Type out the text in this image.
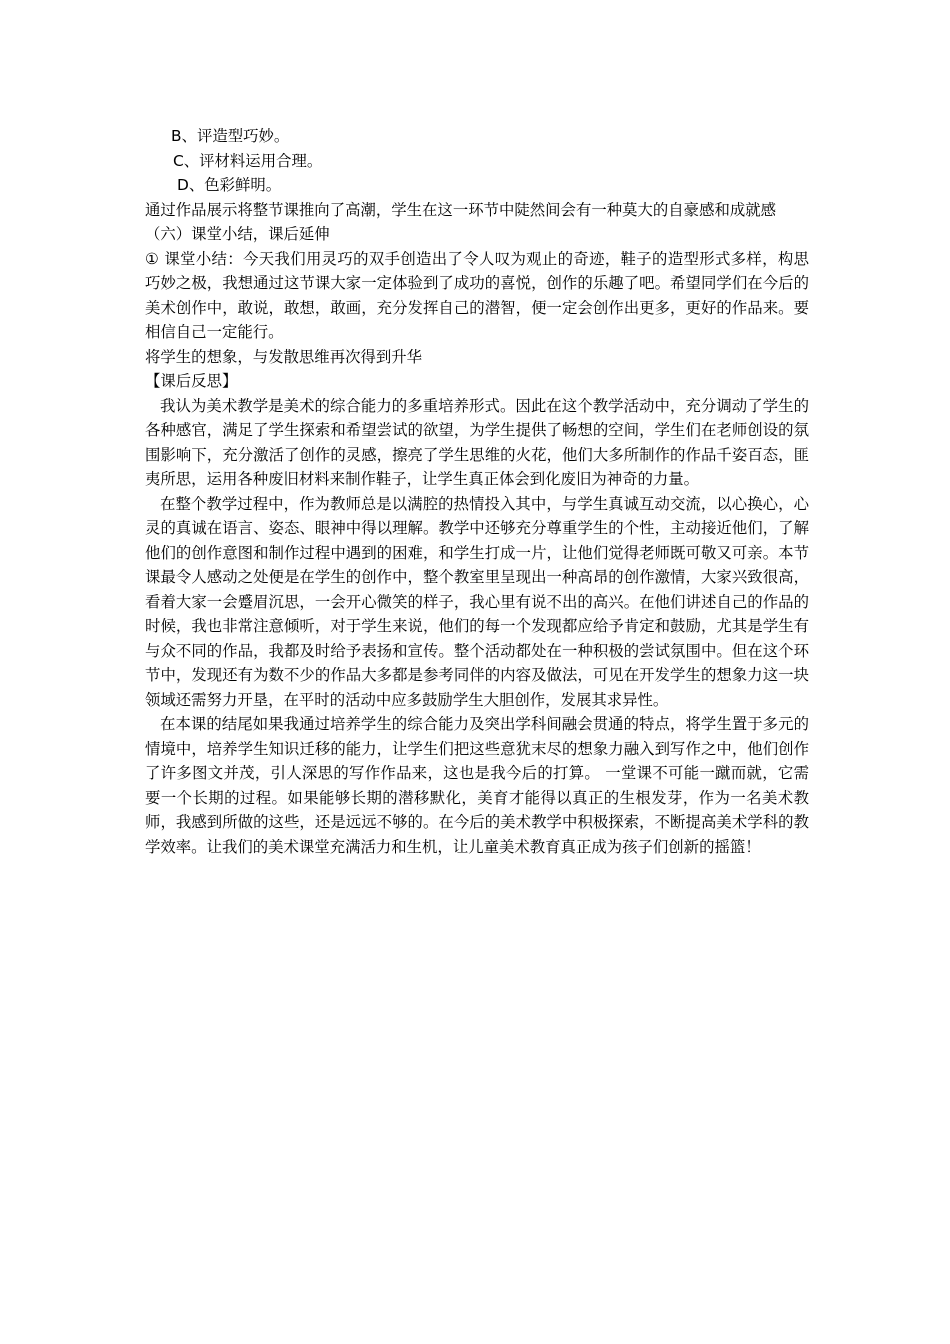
B、评造型巧妙。

C、评材料运用合理。

D、色彩鲜明。

通过作品展示将整节课推向了高潮，学生在这一环节中陡然间会有一种莫大的自豪感和成就感

（六）课堂小结，课后延伸

① 课堂小结：今天我们用灵巧的双手创造出了令人叹为观止的奇迹，鞋子的造型形式多样，构思巧妙之极，我想通过这节课大家一定体验到了成功的喜悦，创作的乐趣了吧。希望同学们在今后的美术创作中，敢说，敢想，敢画，充分发挥自己的潜智，便一定会创作出更多，更好的作品来。要相信自己一定能行。

将学生的想象，与发散思维再次得到升华

【课后反思】

我认为美术教学是美术的综合能力的多重培养形式。因此在这个教学活动中，充分调动了学生的各种感官，满足了学生探索和希望尝试的欲望，为学生提供了畅想的空间，学生们在老师创设的氛围影响下，充分激活了创作的灵感，擦亮了学生思维的火花，他们大多所制作的作品千姿百态，匪夷所思，运用各种废旧材料来制作鞋子，让学生真正体会到化废旧为神奇的力量。

在整个教学过程中，作为教师总是以满腔的热情投入其中，与学生真诚互动交流，以心换心，心灵的真诚在语言、姿态、眼神中得以理解。教学中还够充分尊重学生的个性，主动接近他们，了解他们的创作意图和制作过程中遇到的困难，和学生打成一片，让他们觉得老师既可敬又可亲。本节课最令人感动之处便是在学生的创作中，整个教室里呈现出一种高昂的创作激情，大家兴致很高，看着大家一会蹙眉沉思，一会开心微笑的样子，我心里有说不出的高兴。在他们讲述自己的作品的时候，我也非常注意倾听，对于学生来说，他们的每一个发现都应给予肯定和鼓励，尤其是学生有与众不同的作品，我都及时给予表扬和宣传。整个活动都处在一种积极的尝试氛围中。但在这个环节中，发现还有为数不少的作品大多都是参考同伴的内容及做法，可见在开发学生的想象力这一块领域还需努力开垦，在平时的活动中应多鼓励学生大胆创作，发展其求异性。

在本课的结尾如果我通过培养学生的综合能力及突出学科间融会贯通的特点，将学生置于多元的情境中，培养学生知识迁移的能力，让学生们把这些意犹末尽的想象力融入到写作之中，他们创作了许多图文并茂，引人深思的写作作品来，这也是我今后的打算。 一堂课不可能一蹴而就，它需要一个长期的过程。如果能够长期的潜移默化，美育才能得以真正的生根发芽，作为一名美术教师，我感到所做的这些，还是远远不够的。在今后的美术教学中积极探索，不断提高美术学科的教学效率。让我们的美术课堂充满活力和生机，让儿童美术教育真正成为孩子们创新的摇篮！
